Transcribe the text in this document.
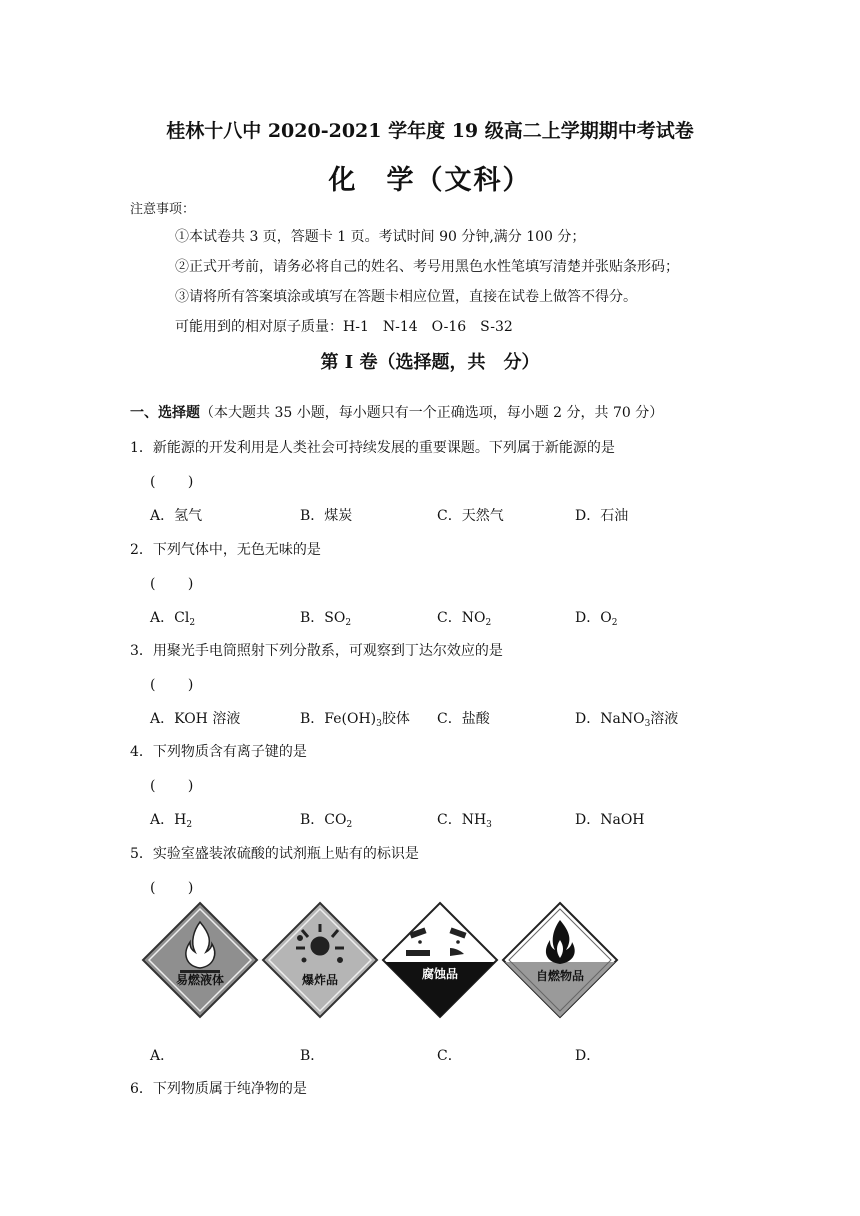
桂林十八中 2020-2021 学年度 19 级高二上学期期中考试卷
化　学（文科）
注意事项：
①本试卷共 3 页，答题卡 1 页。考试时间 90 分钟,满分 100 分；
②正式开考前，请务必将自己的姓名、考号用黑色水性笔填写清楚并张贴条形码；
③请将所有答案填涂或填写在答题卡相应位置，直接在试卷上做答不得分。
可能用到的相对原子质量：H-1　N-14　O-16　S-32
第 I 卷（选择题，共　分）
一、选择题（本大题共 35 小题，每小题只有一个正确选项，每小题 2 分，共 70 分）
1．新能源的开发利用是人类社会可持续发展的重要课题。下列属于新能源的是
(　　 )
A．氢气	B．煤炭	C．天然气	D．石油
2．下列气体中，无色无味的是
(　　 )
A．$Cl_2$	B．$SO_2$	C．$NO_2$	D．$O_2$
3．用聚光手电筒照射下列分散系，可观察到丁达尔效应的是
(　　 )
A．KOH 溶液	B．$Fe(OH)_3$胶体 C．盐酸	D．NaNO$_3$溶液
4．下列物质含有离子键的是
(　　 )
A．$H_2$	B．$CO_2$	C．$NH_3$	D．NaOH
5．实验室盛装浓硫酸的试剂瓶上贴有的标识是
(　　 )
易燃液体	爆炸品	腐蚀品	自燃物品
A．	B．	C．	D．
6．下列物质属于纯净物的是
